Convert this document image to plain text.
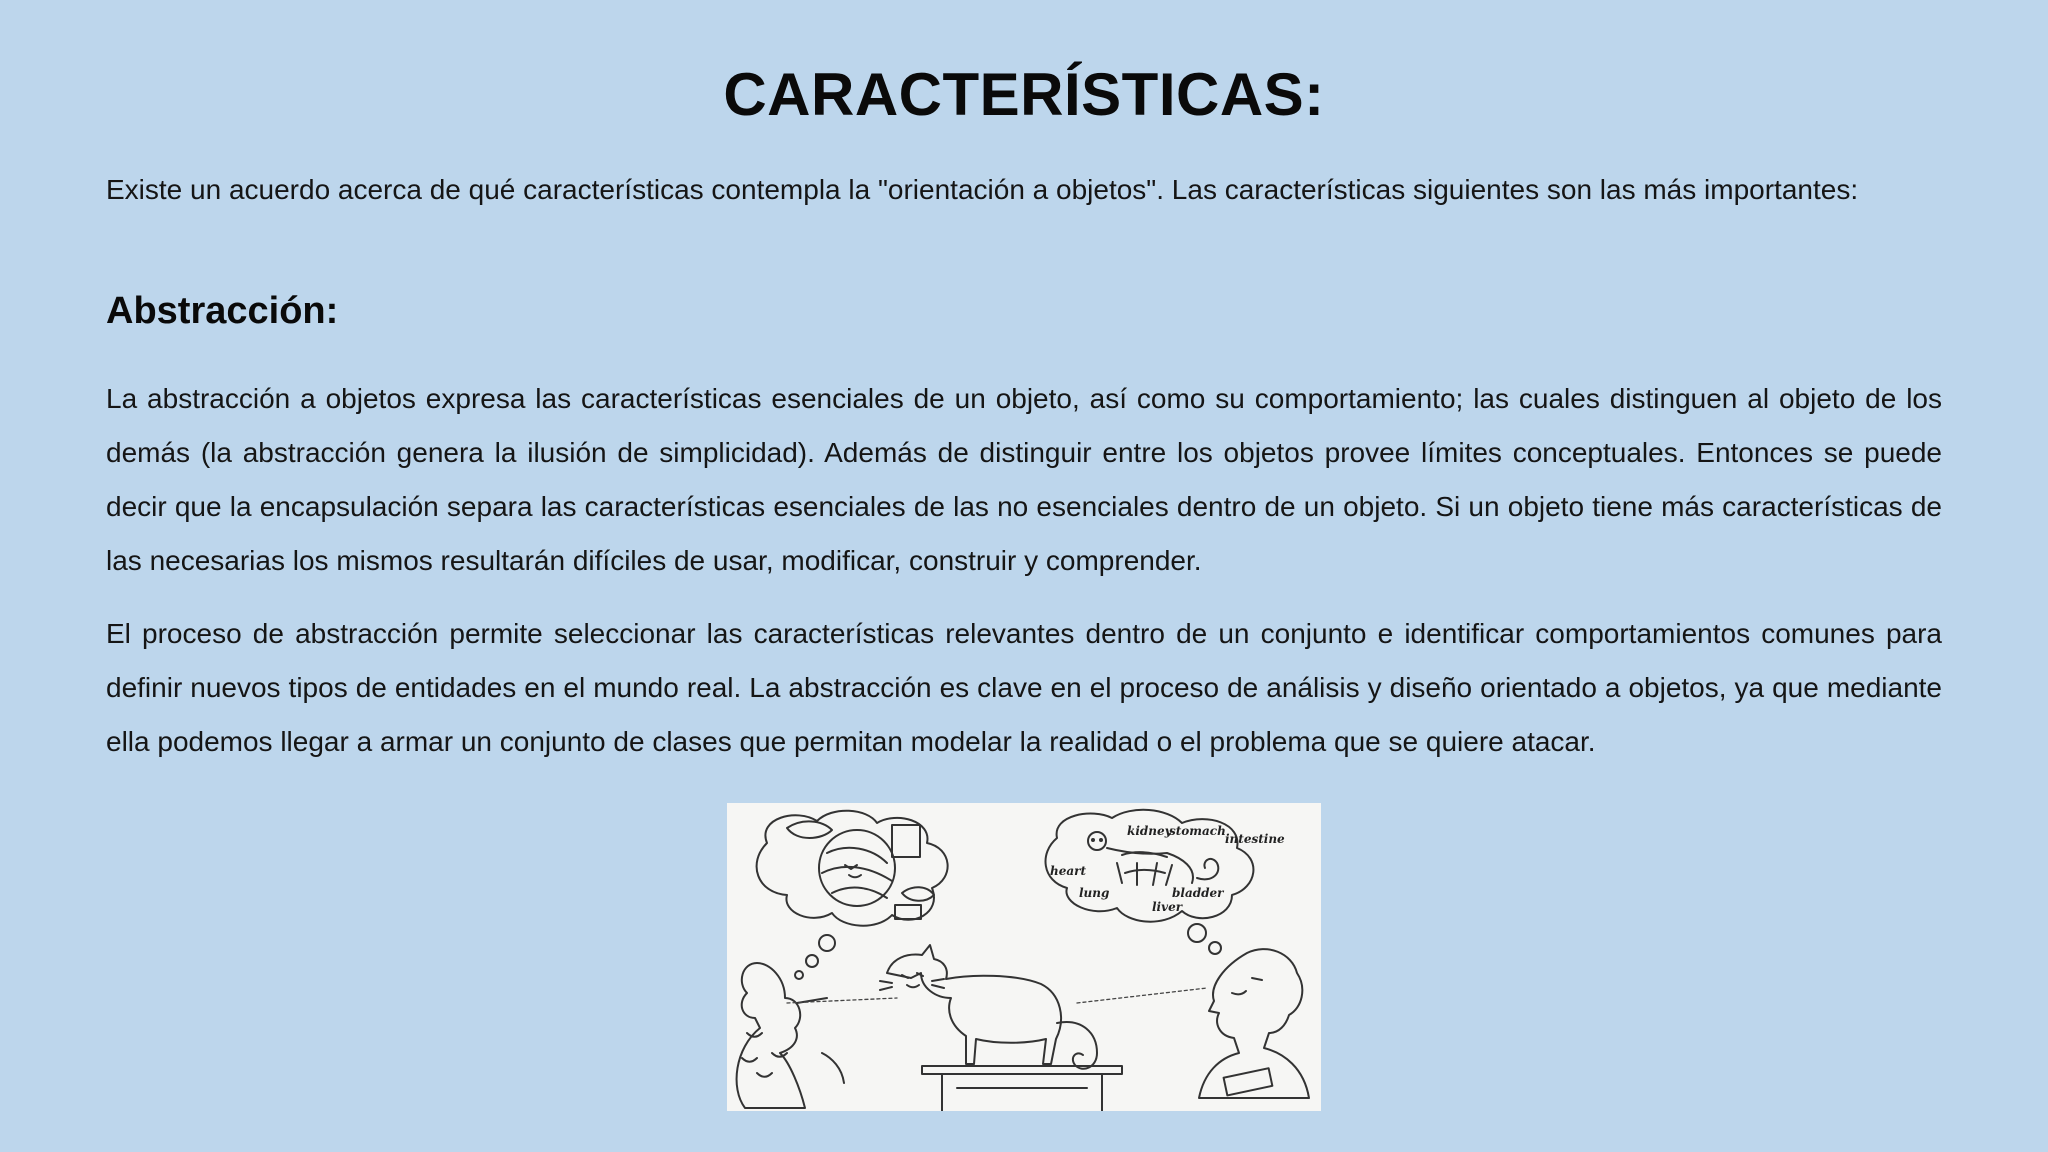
CARACTERÍSTICAS:

Existe un acuerdo acerca de qué características contempla la "orientación a objetos". Las características siguientes son las más importantes:

Abstracción:

La abstracción a objetos expresa las características esenciales de un objeto, así como su comportamiento; las cuales distinguen al objeto de los demás (la abstracción genera la ilusión de simplicidad). Además de distinguir entre los objetos provee límites conceptuales. Entonces se puede decir que la encapsulación separa las características esenciales de las no esenciales dentro de un objeto. Si un objeto tiene más características de las necesarias los mismos resultarán difíciles de usar, modificar, construir y comprender.

El proceso de abstracción permite seleccionar las características relevantes dentro de un conjunto e identificar comportamientos comunes para definir nuevos tipos de entidades en el mundo real. La abstracción es clave en el proceso de análisis y diseño orientado a objetos, ya que mediante ella podemos llegar a armar un conjunto de clases que permitan modelar la realidad o el problema que se quiere atacar.

kidney
stomach
intestine
heart
lung	bladder
liver
